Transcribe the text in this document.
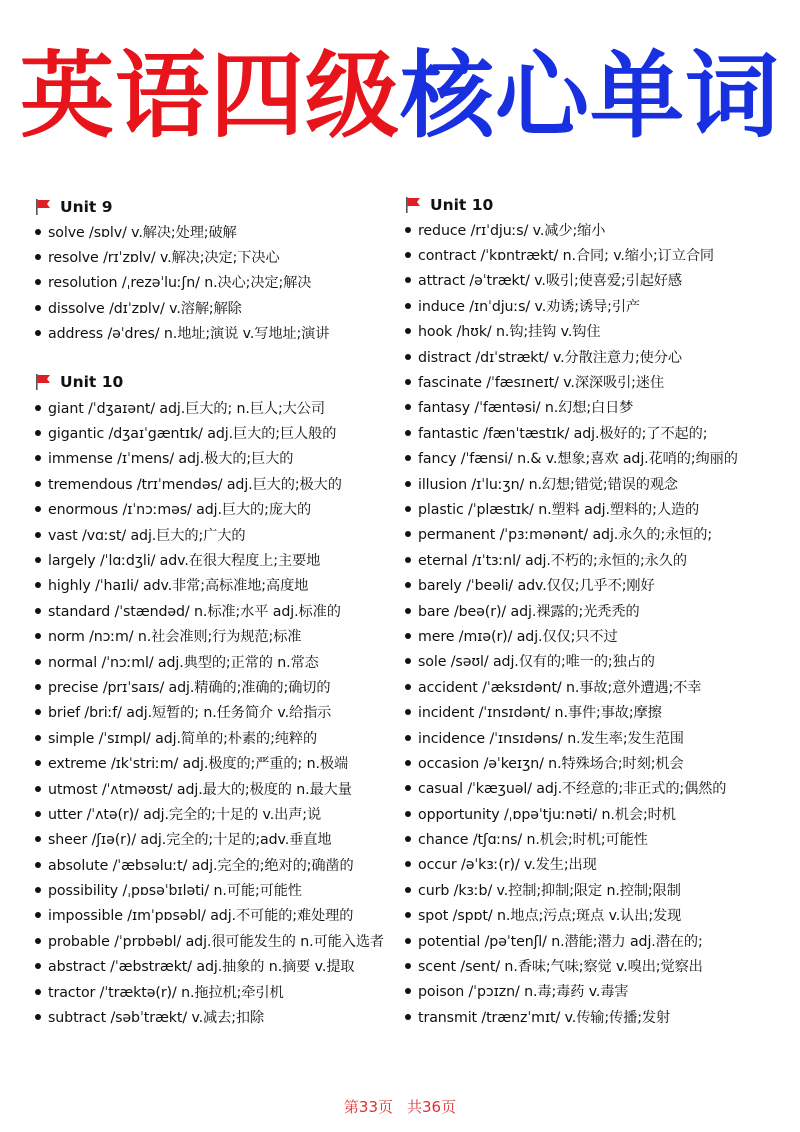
英语四级核心单词
Unit 9
solve /sɒlv/ v.解决;处理;破解
resolve /rɪˈzɒlv/ v.解决;决定;下决心
resolution /ˌrezəˈluːʃn/ n.决心;决定;解决
dissolve /dɪˈzɒlv/ v.溶解;解除
address /əˈdres/ n.地址;演说 v.写地址;演讲
Unit 10
giant /ˈdʒaɪənt/ adj.巨大的; n.巨人;大公司
gigantic /dʒaɪˈgæntɪk/ adj.巨大的;巨人般的
immense /ɪˈmens/ adj.极大的;巨大的
tremendous /trɪˈmendəs/ adj.巨大的;极大的
enormous /ɪˈnɔːməs/ adj.巨大的;庞大的
vast /vɑːst/ adj.巨大的;广大的
largely /ˈlɑːdʒli/ adv.在很大程度上;主要地
highly /ˈhaɪli/ adv.非常;高标准地;高度地
standard /ˈstændəd/ n.标准;水平 adj.标准的
norm /nɔːm/ n.社会准则;行为规范;标准
normal /ˈnɔːml/ adj.典型的;正常的 n.常态
precise /prɪˈsaɪs/ adj.精确的;准确的;确切的
brief /briːf/ adj.短暂的; n.任务简介 v.给指示
simple /ˈsɪmpl/ adj.简单的;朴素的;纯粹的
extreme /ɪkˈstriːm/ adj.极度的;严重的; n.极端
utmost /ˈʌtməʊst/ adj.最大的;极度的 n.最大量
utter /ˈʌtə(r)/ adj.完全的;十足的 v.出声;说
sheer /ʃɪə(r)/ adj.完全的;十足的;adv.垂直地
absolute /ˈæbsəluːt/ adj.完全的;绝对的;确凿的
possibility /ˌpɒsəˈbɪləti/ n.可能;可能性
impossible /ɪmˈpɒsəbl/ adj.不可能的;难处理的
probable /ˈprɒbəbl/ adj.很可能发生的 n.可能入选者
abstract /ˈæbstrækt/ adj.抽象的 n.摘要 v.提取
tractor /ˈtræktə(r)/ n.拖拉机;牵引机
subtract /səbˈtrækt/ v.减去;扣除
Unit 10
reduce /rɪˈdjuːs/ v.减少;缩小
contract /ˈkɒntrækt/ n.合同; v.缩小;订立合同
attract /əˈtrækt/ v.吸引;使喜爱;引起好感
induce /ɪnˈdjuːs/ v.劝诱;诱导;引产
hook /hʊk/ n.钩;挂钩 v.钩住
distract /dɪˈstrækt/ v.分散注意力;使分心
fascinate /ˈfæsɪneɪt/ v.深深吸引;迷住
fantasy /ˈfæntəsi/ n.幻想;白日梦
fantastic /fænˈtæstɪk/ adj.极好的;了不起的;
fancy /ˈfænsi/ n.& v.想象;喜欢 adj.花哨的;绚丽的
illusion /ɪˈluːʒn/ n.幻想;错觉;错误的观念
plastic /ˈplæstɪk/ n.塑料 adj.塑料的;人造的
permanent /ˈpɜːmənənt/ adj.永久的;永恒的;
eternal /ɪˈtɜːnl/ adj.不朽的;永恒的;永久的
barely /ˈbeəli/ adv.仅仅;几乎不;刚好
bare /beə(r)/ adj.裸露的;光秃秃的
mere /mɪə(r)/ adj.仅仅;只不过
sole /səʊl/ adj.仅有的;唯一的;独占的
accident /ˈæksɪdənt/ n.事故;意外遭遇;不幸
incident /ˈɪnsɪdənt/ n.事件;事故;摩擦
incidence /ˈɪnsɪdəns/ n.发生率;发生范围
occasion /əˈkeɪʒn/ n.特殊场合;时刻;机会
casual /ˈkæʒuəl/ adj.不经意的;非正式的;偶然的
opportunity /ˌɒpəˈtjuːnəti/ n.机会;时机
chance /tʃɑːns/ n.机会;时机;可能性
occur /əˈkɜː(r)/ v.发生;出现
curb /kɜːb/ v.控制;抑制;限定 n.控制;限制
spot /spɒt/ n.地点;污点;斑点 v.认出;发现
potential /pəˈtenʃl/ n.潜能;潜力 adj.潜在的;
scent /sent/ n.香味;气味;察觉 v.嗅出;觉察出
poison /ˈpɔɪzn/ n.毒;毒药 v.毒害
transmit /trænzˈmɪt/ v.传输;传播;发射
第33页 共36页
